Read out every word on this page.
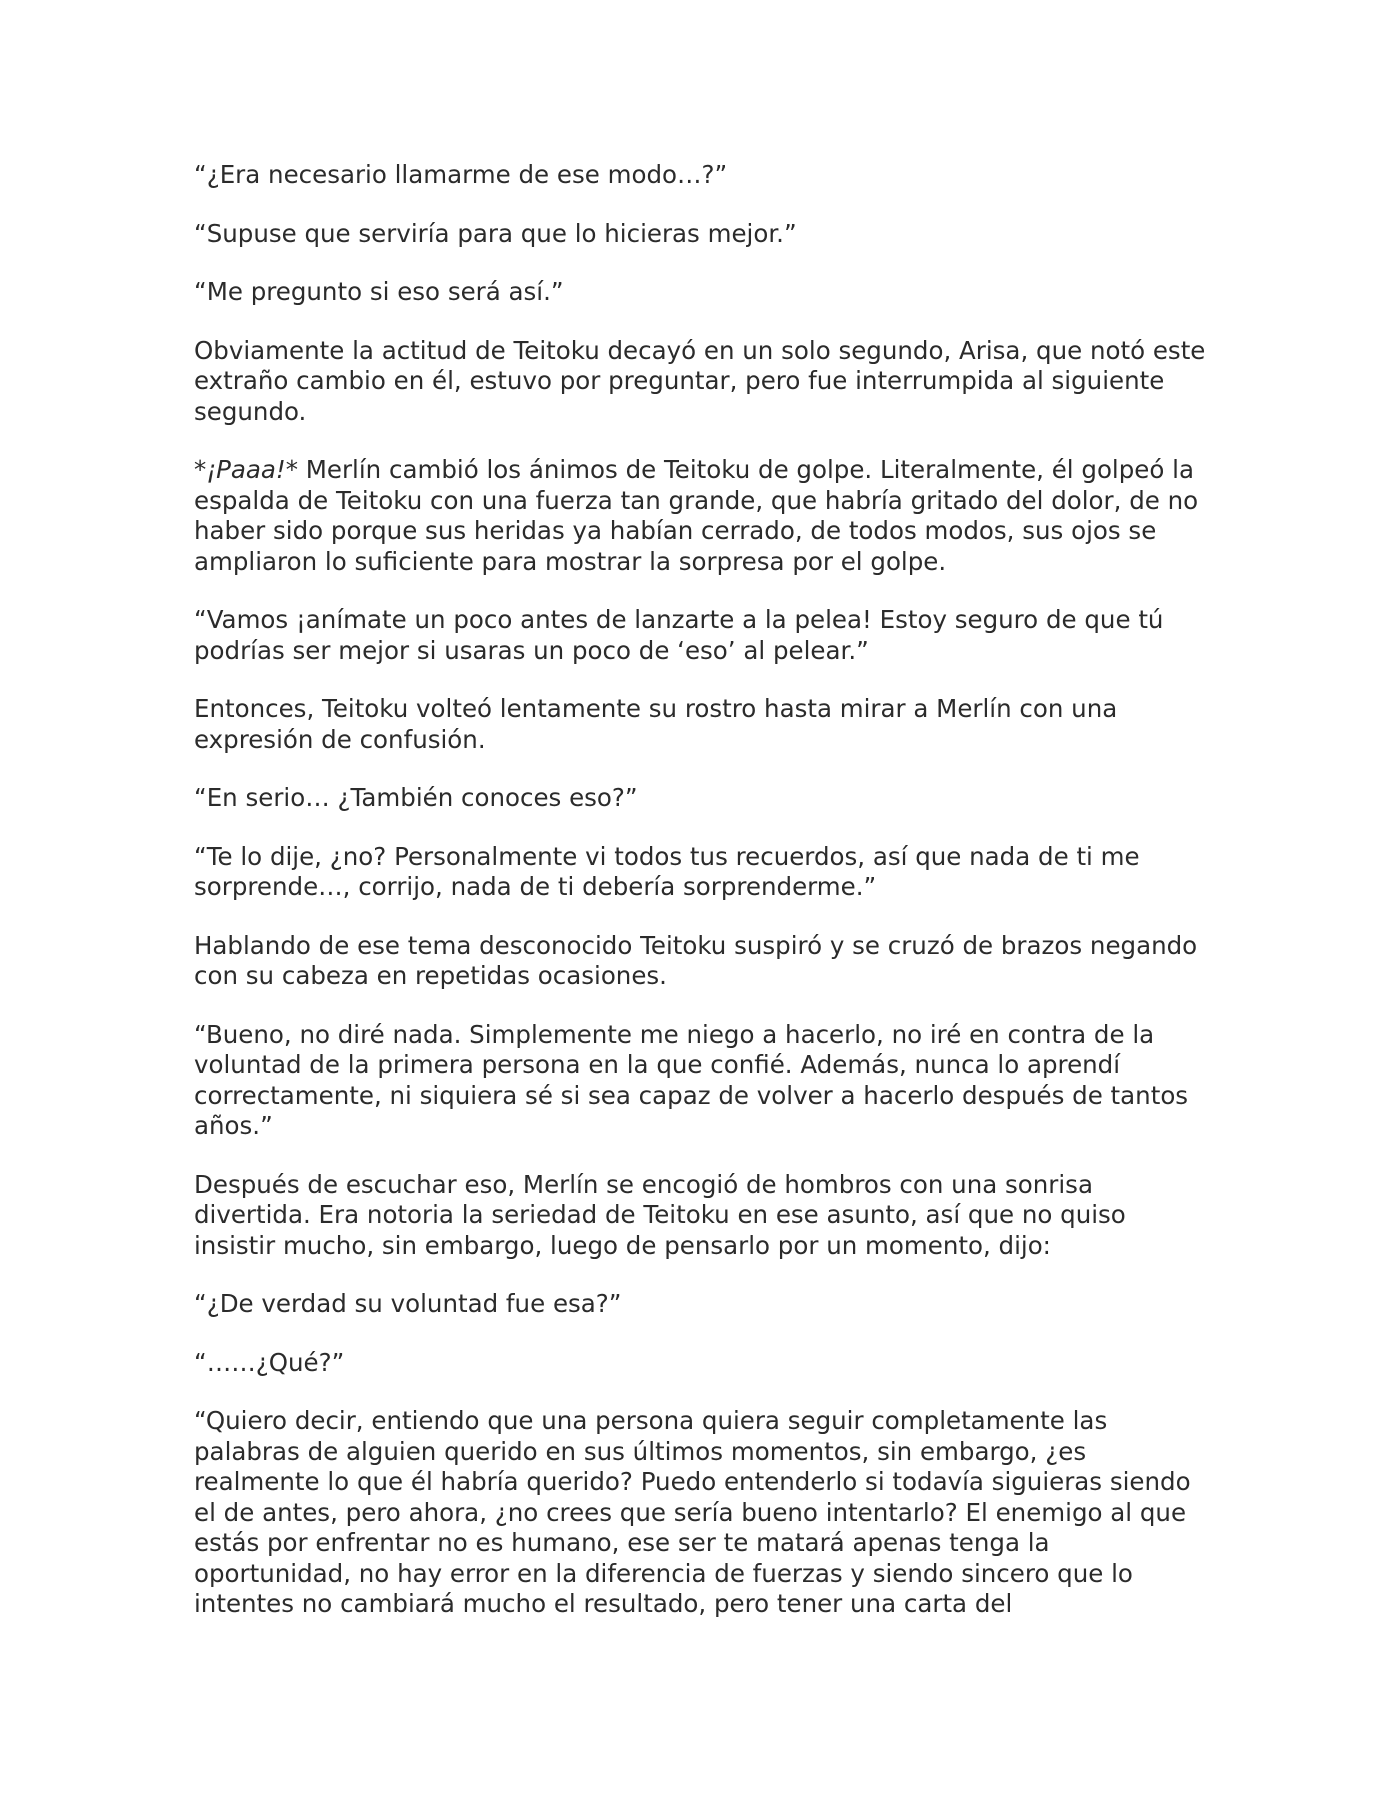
“¿Era necesario llamarme de ese modo…?”

“Supuse que serviría para que lo hicieras mejor.”

“Me pregunto si eso será así.”

Obviamente la actitud de Teitoku decayó en un solo segundo, Arisa, que notó este extraño cambio en él, estuvo por preguntar, pero fue interrumpida al siguiente segundo.

*¡Paaa!* Merlín cambió los ánimos de Teitoku de golpe. Literalmente, él golpeó la espalda de Teitoku con una fuerza tan grande, que habría gritado del dolor, de no haber sido porque sus heridas ya habían cerrado, de todos modos, sus ojos se ampliaron lo suficiente para mostrar la sorpresa por el golpe.

“Vamos ¡anímate un poco antes de lanzarte a la pelea! Estoy seguro de que tú podrías ser mejor si usaras un poco de ‘eso’ al pelear.”

Entonces, Teitoku volteó lentamente su rostro hasta mirar a Merlín con una expresión de confusión.

“En serio… ¿También conoces eso?”

“Te lo dije, ¿no? Personalmente vi todos tus recuerdos, así que nada de ti me sorprende…, corrijo, nada de ti debería sorprenderme.”

Hablando de ese tema desconocido Teitoku suspiró y se cruzó de brazos negando con su cabeza en repetidas ocasiones.

“Bueno, no diré nada. Simplemente me niego a hacerlo, no iré en contra de la voluntad de la primera persona en la que confié. Además, nunca lo aprendí correctamente, ni siquiera sé si sea capaz de volver a hacerlo después de tantos años.”

Después de escuchar eso, Merlín se encogió de hombros con una sonrisa divertida. Era notoria la seriedad de Teitoku en ese asunto, así que no quiso insistir mucho, sin embargo, luego de pensarlo por un momento, dijo:

“¿De verdad su voluntad fue esa?”

“……¿Qué?”

“Quiero decir, entiendo que una persona quiera seguir completamente las palabras de alguien querido en sus últimos momentos, sin embargo, ¿es realmente lo que él habría querido? Puedo entenderlo si todavía siguieras siendo el de antes, pero ahora, ¿no crees que sería bueno intentarlo? El enemigo al que estás por enfrentar no es humano, ese ser te matará apenas tenga la oportunidad, no hay error en la diferencia de fuerzas y siendo sincero que lo intentes no cambiará mucho el resultado, pero tener una carta del
